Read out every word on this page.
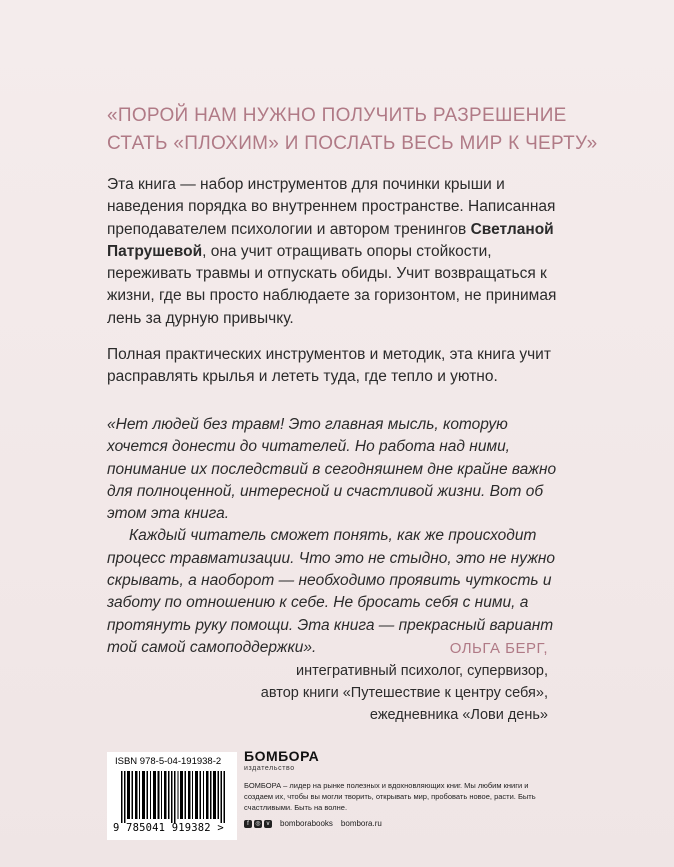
«ПОРОЙ НАМ НУЖНО ПОЛУЧИТЬ РАЗРЕШЕНИЕ
СТАТЬ «ПЛОХИМ» И ПОСЛАТЬ ВЕСЬ МИР К ЧЕРТУ»

Эта книга — набор инструментов для починки крыши и наведения порядка во внутреннем пространстве. Написанная преподавателем психологии и автором тренингов Светланой Патрушевой, она учит отращивать опоры стойкости, переживать травмы и отпускать обиды. Учит возвращаться к жизни, где вы просто наблюдаете за горизонтом, не принимая лень за дурную привычку.

Полная практических инструментов и методик, эта книга учит расправлять крылья и лететь туда, где тепло и уютно.

«Нет людей без травм! Это главная мысль, которую хочется донести до читателей. Но работа над ними, понимание их последствий в сегодняшнем дне крайне важно для полноценной, интересной и счастливой жизни. Вот об этом эта книга.

Каждый читатель сможет понять, как же происходит процесс травматизации. Что это не стыдно, это не нужно скрывать, а наоборот — необходимо проявить чуткость и заботу по отношению к себе. Не бросать себя с ними, а протянуть руку помощи. Эта книга — прекрасный вариант той самой самоподдержки».	ОЛЬГА БЕРГ,
интегративный психолог, супервизор,
автор книги «Путешествие к центру себя»,
ежедневника «Лови день»
ISBN 978-5-04-191938-2
9 785041 919382 >
БОМБОРА
издательство
БОМБОРА – лидер на рынке полезных и вдохновляющих книг. Мы любим книги и создаем их, чтобы вы могли творить, открывать мир, пробовать новое, расти. Быть счастливыми. Быть на волне.
f	◎ v	bomborabooks bombora.ru
